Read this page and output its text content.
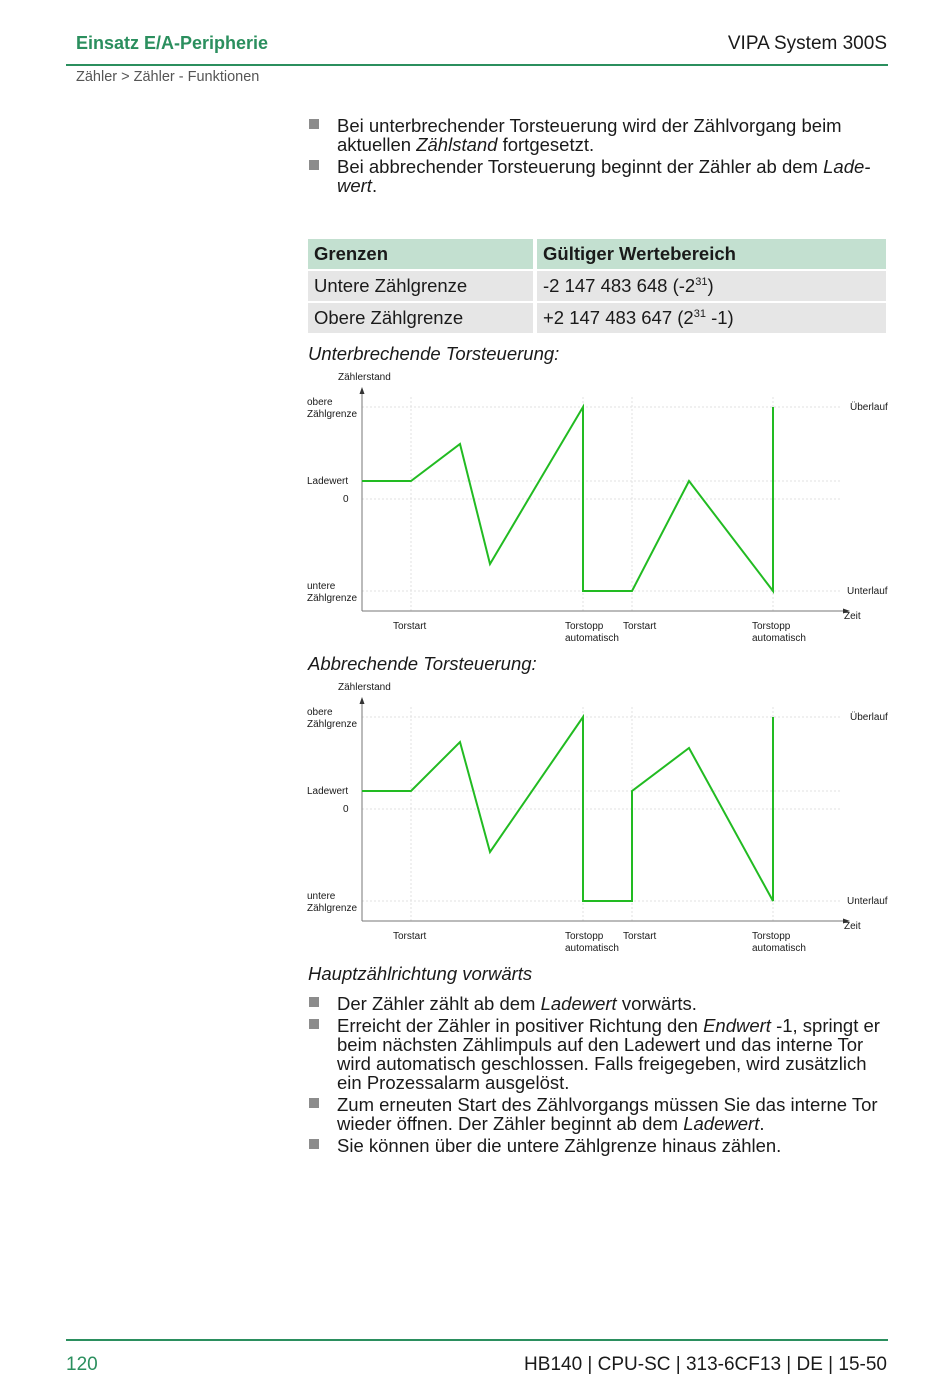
Einsatz E/A-Peripherie	VIPA System 300S
Zähler > Zähler - Funktionen
Bei unterbrechender Torsteuerung wird der Zählvorgang beim aktuellen Zählstand fortgesetzt.
Bei abbrechender Torsteuerung beginnt der Zähler ab dem Lade-wert.
Grenzen	Gültiger Wertebereich
Untere Zählgrenze	-2 147 483 648 $(-2^{31})$
Obere Zählgrenze	+2 147 483 647 ($2^{31}$ -1)
Unterbrechende Torsteuerung:
Zählerstand
obere
Zählgrenze
Ladewert
0
untere
Zählgrenze
Überlauf
Unterlauf
Zeit
Torstart	Torstopp
automatisch
Torstart	Torstopp
automatisch
Abbrechende Torsteuerung:
Zählerstand
obere
Zählgrenze
Ladewert
0
untere
Zählgrenze
Überlauf
Unterlauf
Zeit
Torstart	Torstopp
automatisch
Torstart	Torstopp
automatisch
Hauptzählrichtung vorwärts
Der Zähler zählt ab dem Ladewert vorwärts.
Erreicht der Zähler in positiver Richtung den Endwert -1, springt er beim nächsten Zählimpuls auf den Ladewert und das interne Tor wird automatisch geschlossen. Falls freigegeben, wird zusätzlich ein Prozessalarm ausgelöst.
Zum erneuten Start des Zählvorgangs müssen Sie das interne Tor wieder öffnen. Der Zähler beginnt ab dem Ladewert.
Sie können über die untere Zählgrenze hinaus zählen.
120	HB140 | CPU-SC | 313-6CF13 | DE | 15-50
